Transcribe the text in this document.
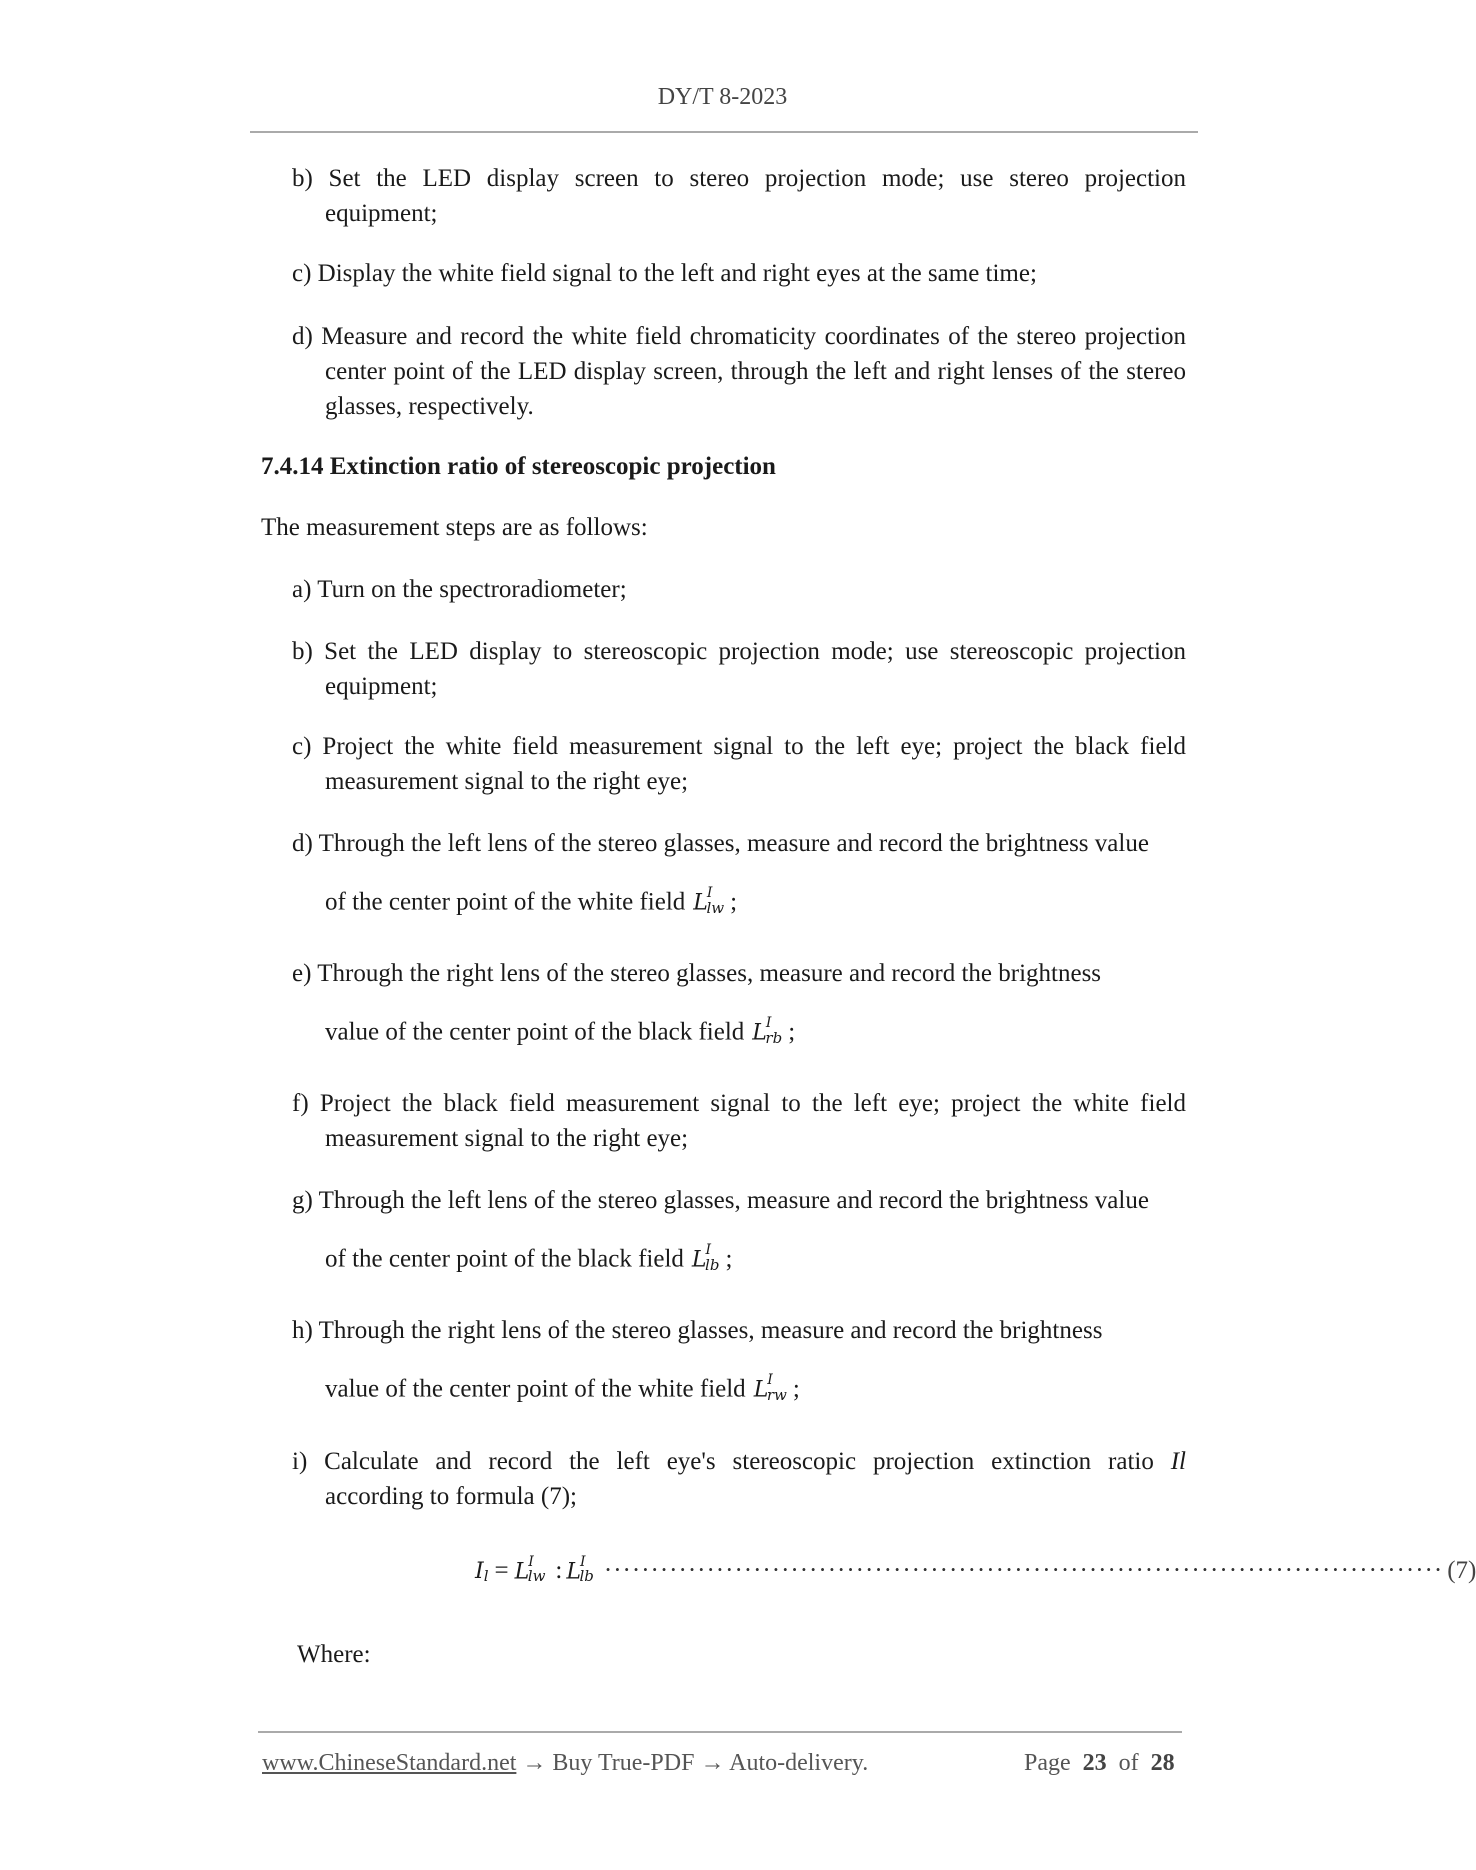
DY/T 8-2023
b) Set the LED display screen to stereo projection mode; use stereo projection equipment;
c) Display the white field signal to the left and right eyes at the same time;
d) Measure and record the white field chromaticity coordinates of the stereo projection center point of the LED display screen, through the left and right lenses of the stereo glasses, respectively.
7.4.14 Extinction ratio of stereoscopic projection
The measurement steps are as follows:
a) Turn on the spectroradiometer;
b) Set the LED display to stereoscopic projection mode; use stereoscopic projection equipment;
c) Project the white field measurement signal to the left eye; project the black field measurement signal to the right eye;
d) Through the left lens of the stereo glasses, measure and record the brightness value
of the center point of the white field $L^I_{lw}$ ;
e) Through the right lens of the stereo glasses, measure and record the brightness
value of the center point of the black field $L^I_{rb}$ ;
f) Project the black field measurement signal to the left eye; project the white field measurement signal to the right eye;
g) Through the left lens of the stereo glasses, measure and record the brightness value
of the center point of the black field $L^I_{lb}$ ;
h) Through the right lens of the stereo glasses, measure and record the brightness
value of the center point of the white field $L^I_{rw}$ ;
i) Calculate and record the left eye's stereoscopic projection extinction ratio Il
according to formula (7);
$I_l = L^I_{lw}$ : $L^I_{lb}$ ·························································································· (7)
Where:
www.ChineseStandard.net → Buy True-PDF → Auto-delivery.	Page 23 of 28
